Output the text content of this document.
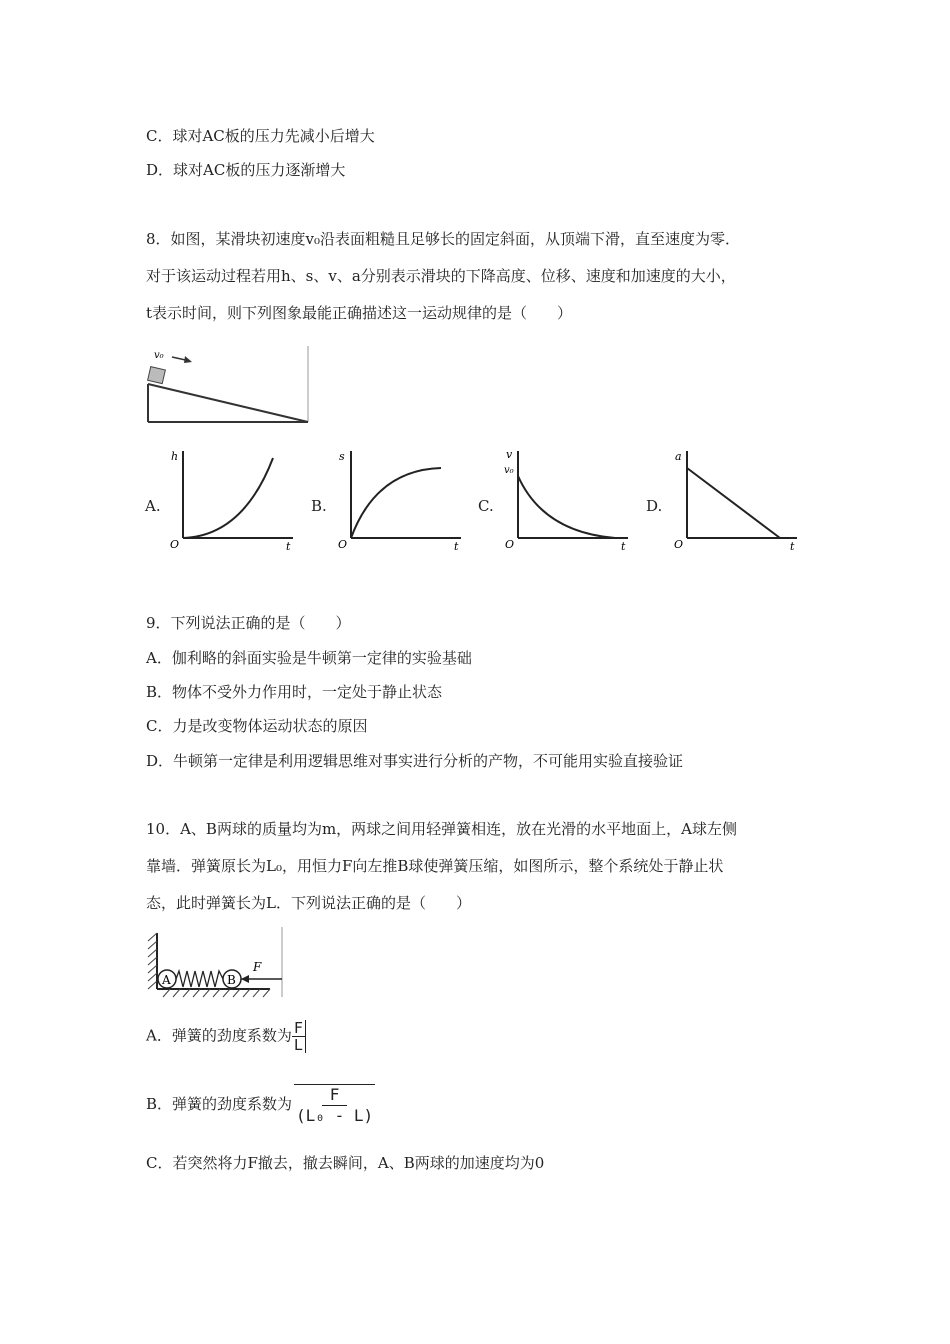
C．球对AC板的压力先减小后增大
D．球对AC板的压力逐渐增大
8．如图，某滑块初速度v₀沿表面粗糙且足够长的固定斜面，从顶端下滑，直至速度为零．
对于该运动过程若用h、s、v、a分别表示滑块的下降高度、位移、速度和加速度的大小，
t表示时间，则下列图象最能正确描述这一运动规律的是（　　）
v₀
A.
h
O	t
B.
s
O	t
C.
v
v₀
O	t
D.
a
O	t
9．下列说法正确的是（　　）
A．伽利略的斜面实验是牛顿第一定律的实验基础
B．物体不受外力作用时，一定处于静止状态
C．力是改变物体运动状态的原因
D．牛顿第一定律是利用逻辑思维对事实进行分析的产物，不可能用实验直接验证
10．A、B两球的质量均为m，两球之间用轻弹簧相连，放在光滑的水平地面上，A球左侧
靠墙．弹簧原长为L₀，用恒力F向左推B球使弹簧压缩，如图所示，整个系统处于静止状
态，此时弹簧长为L．下列说法正确的是（　　）
A	B
F
A．弹簧的劲度系数为 $\frac{F}{L}$
B．弹簧的劲度系数为 $\frac{F}{\text{(L₀ - L)}}$
C．若突然将力F撤去，撤去瞬间，A、B两球的加速度均为0
